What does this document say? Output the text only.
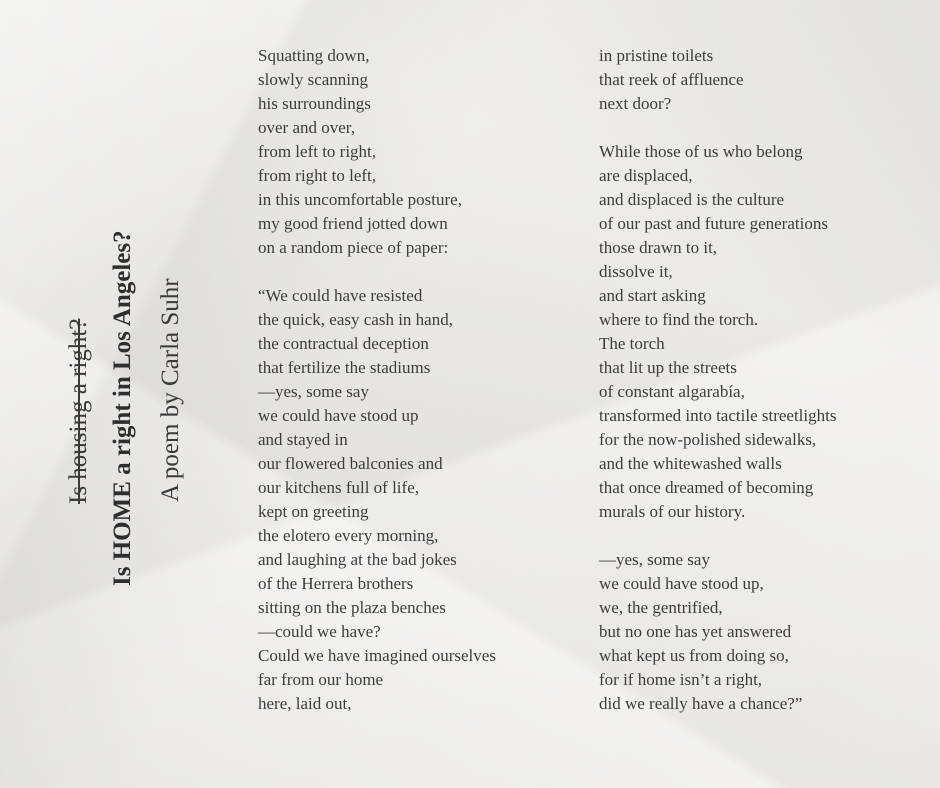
Is housing a right? Is HOME a right in Los Angeles? A poem by Carla Suhr
Squatting down,
slowly scanning
his surroundings
over and over,
from left to right,
from right to left,
in this uncomfortable posture,
my good friend jotted down
on a random piece of paper:
“We could have resisted
the quick, easy cash in hand,
the contractual deception
that fertilize the stadiums
—yes, some say
we could have stood up
and stayed in
our flowered balconies and
our kitchens full of life,
kept on greeting
the elotero every morning,
and laughing at the bad jokes
of the Herrera brothers
sitting on the plaza benches
—could we have?
Could we have imagined ourselves
far from our home
here, laid out,
in pristine toilets
that reek of affluence
next door?
While those of us who belong
are displaced,
and displaced is the culture
of our past and future generations
those drawn to it,
dissolve it,
and start asking
where to find the torch.
The torch
that lit up the streets
of constant algarabía,
transformed into tactile streetlights
for the now-polished sidewalks,
and the whitewashed walls
that once dreamed of becoming
murals of our history.
—yes, some say
we could have stood up,
we, the gentrified,
but no one has yet answered
what kept us from doing so,
for if home isn’t a right,
did we really have a chance?”
